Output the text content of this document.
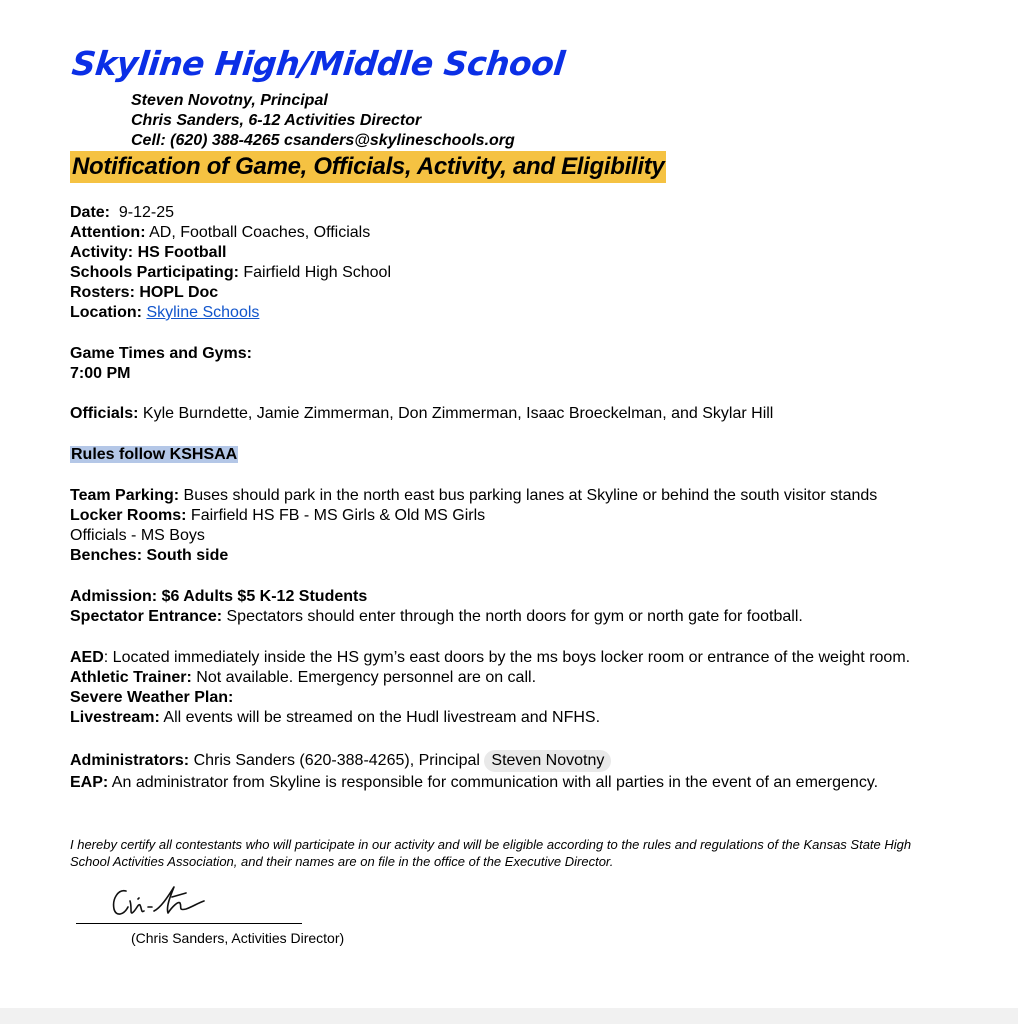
Skyline High/Middle School
Steven Novotny, Principal
Chris Sanders, 6-12 Activities Director
Cell: (620) 388-4265 csanders@skylineschools.org
Notification of Game, Officials, Activity, and Eligibility
Date: 9-12-25
Attention: AD, Football Coaches, Officials
Activity: HS Football
Schools Participating: Fairfield High School
Rosters: HOPL Doc
Location: Skyline Schools
Game Times and Gyms:
7:00 PM
Officials: Kyle Burndette, Jamie Zimmerman, Don Zimmerman, Isaac Broeckelman, and Skylar Hill
Rules follow KSHSAA
Team Parking: Buses should park in the north east bus parking lanes at Skyline or behind the south visitor stands
Locker Rooms: Fairfield HS FB - MS Girls & Old MS Girls
Officials - MS Boys
Benches: South side
Admission: $6 Adults $5 K-12 Students
Spectator Entrance: Spectators should enter through the north doors for gym or north gate for football.
AED: Located immediately inside the HS gym’s east doors by the ms boys locker room or entrance of the weight room.
Athletic Trainer: Not available. Emergency personnel are on call.
Severe Weather Plan:
Livestream: All events will be streamed on the Hudl livestream and NFHS.
Administrators: Chris Sanders (620-388-4265), Principal Steven Novotny
EAP: An administrator from Skyline is responsible for communication with all parties in the event of an emergency.
I hereby certify all contestants who will participate in our activity and will be eligible according to the rules and regulations of the Kansas State High School Activities Association, and their names are on file in the office of the Executive Director.
(Chris Sanders, Activities Director)
